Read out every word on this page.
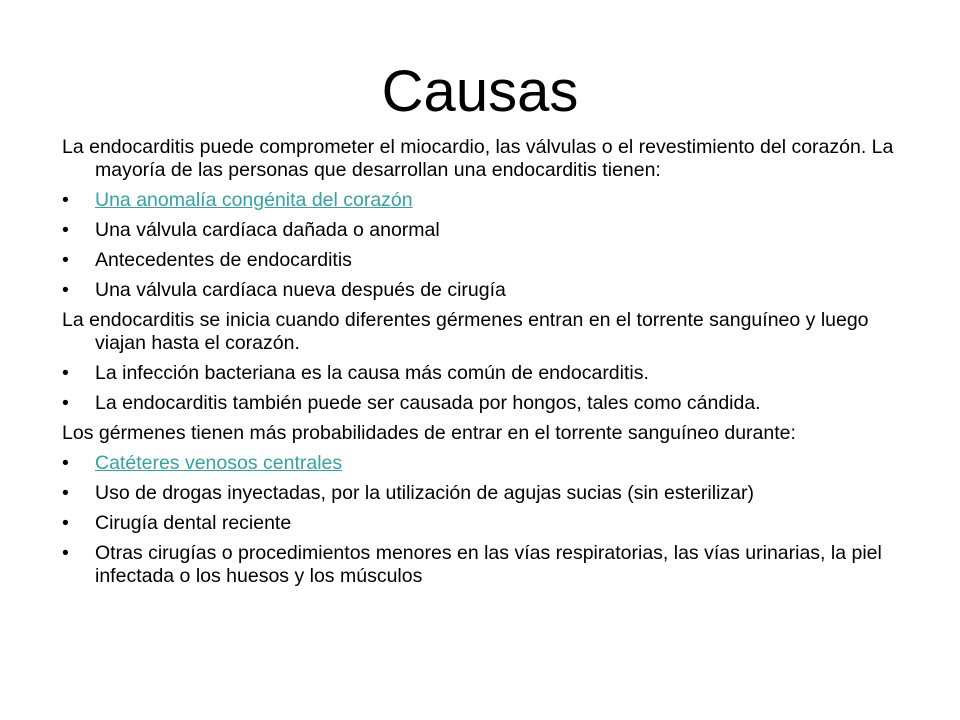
Causas

La endocarditis puede comprometer el miocardio, las válvulas o el revestimiento del corazón. La mayoría de las personas que desarrollan una endocarditis tienen:

• Una anomalía congénita del corazón
• Una válvula cardíaca dañada o anormal
• Antecedentes de endocarditis
• Una válvula cardíaca nueva después de cirugía

La endocarditis se inicia cuando diferentes gérmenes entran en el torrente sanguíneo y luego viajan hasta el corazón.

• La infección bacteriana es la causa más común de endocarditis.
• La endocarditis también puede ser causada por hongos, tales como cándida.

Los gérmenes tienen más probabilidades de entrar en el torrente sanguíneo durante:

• Catéteres venosos centrales
• Uso de drogas inyectadas, por la utilización de agujas sucias (sin esterilizar)
• Cirugía dental reciente
• Otras cirugías o procedimientos menores en las vías respiratorias, las vías urinarias, la piel infectada o los huesos y los músculos
